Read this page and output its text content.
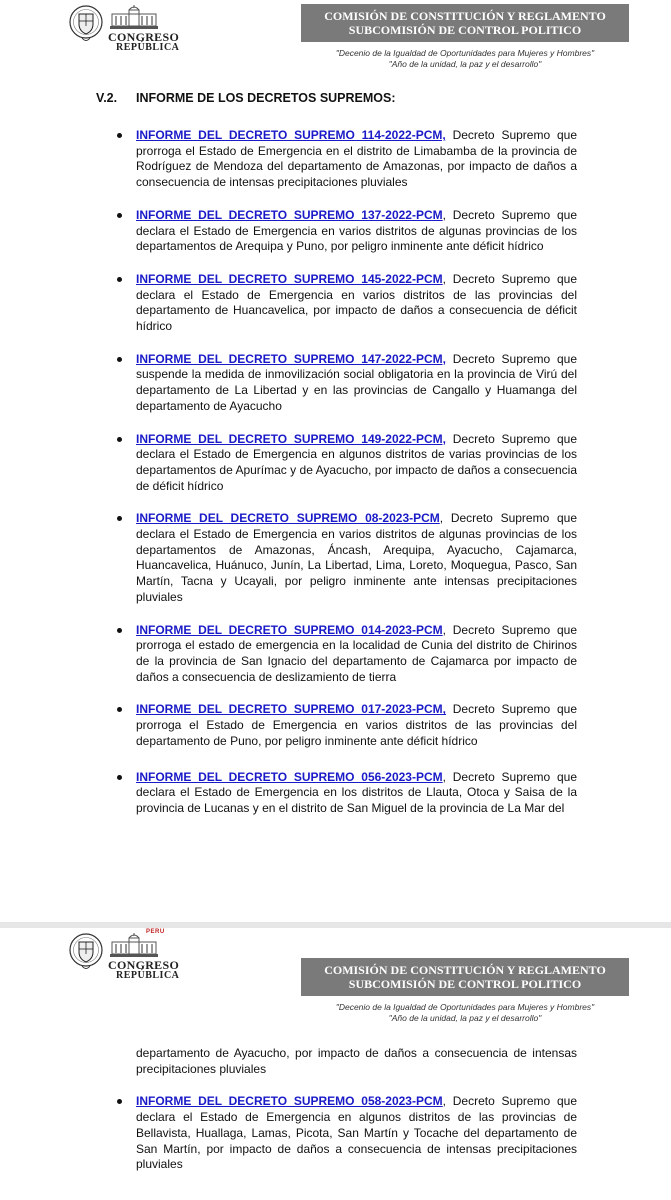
CONGRESO
REPÚBLICA
COMISIÓN DE CONSTITUCIÓN Y REGLAMENTO
SUBCOMISIÓN DE CONTROL POLITICO
"Decenio de la Igualdad de Oportunidades para Mujeres y Hombres"
"Año de la unidad, la paz y el desarrollo"
V.2. INFORME DE LOS DECRETOS SUPREMOS:
INFORME DEL DECRETO SUPREMO 114-2022-PCM, Decreto Supremo que prorroga el Estado de Emergencia en el distrito de Limabamba de la provincia de Rodríguez de Mendoza del departamento de Amazonas, por impacto de daños a consecuencia de intensas precipitaciones pluviales
INFORME DEL DECRETO SUPREMO 137-2022-PCM, Decreto Supremo que declara el Estado de Emergencia en varios distritos de algunas provincias de los departamentos de Arequipa y Puno, por peligro inminente ante déficit hídrico
INFORME DEL DECRETO SUPREMO 145-2022-PCM, Decreto Supremo que declara el Estado de Emergencia en varios distritos de las provincias del departamento de Huancavelica, por impacto de daños a consecuencia de déficit hídrico
INFORME DEL DECRETO SUPREMO 147-2022-PCM, Decreto Supremo que suspende la medida de inmovilización social obligatoria en la provincia de Virú del departamento de La Libertad y en las provincias de Cangallo y Huamanga del departamento de Ayacucho
INFORME DEL DECRETO SUPREMO 149-2022-PCM, Decreto Supremo que declara el Estado de Emergencia en algunos distritos de varias provincias de los departamentos de Apurímac y de Ayacucho, por impacto de daños a consecuencia de déficit hídrico
INFORME DEL DECRETO SUPREMO 08-2023-PCM, Decreto Supremo que declara el Estado de Emergencia en varios distritos de algunas provincias de los departamentos de Amazonas, Áncash, Arequipa, Ayacucho, Cajamarca, Huancavelica, Huánuco, Junín, La Libertad, Lima, Loreto, Moquegua, Pasco, San Martín, Tacna y Ucayali, por peligro inminente ante intensas precipitaciones pluviales
INFORME DEL DECRETO SUPREMO 014-2023-PCM, Decreto Supremo que prorroga el estado de emergencia en la localidad de Cunia del distrito de Chirinos de la provincia de San Ignacio del departamento de Cajamarca por impacto de daños a consecuencia de deslizamiento de tierra
INFORME DEL DECRETO SUPREMO 017-2023-PCM, Decreto Supremo que prorroga el Estado de Emergencia en varios distritos de las provincias del departamento de Puno, por peligro inminente ante déficit hídrico
INFORME DEL DECRETO SUPREMO 056-2023-PCM, Decreto Supremo que declara el Estado de Emergencia en los distritos de Llauta, Otoca y Saisa de la provincia de Lucanas y en el distrito de San Miguel de la provincia de La Mar del
PERÚ
CONGRESO
REPÚBLICA	COMISIÓN DE CONSTITUCIÓN Y REGLAMENTO
SUBCOMISIÓN DE CONTROL POLITICO
"Decenio de la Igualdad de Oportunidades para Mujeres y Hombres"
"Año de la unidad, la paz y el desarrollo"
departamento de Ayacucho, por impacto de daños a consecuencia de intensas precipitaciones pluviales
INFORME DEL DECRETO SUPREMO 058-2023-PCM, Decreto Supremo que declara el Estado de Emergencia en algunos distritos de las provincias de Bellavista, Huallaga, Lamas, Picota, San Martín y Tocache del departamento de San Martín, por impacto de daños a consecuencia de intensas precipitaciones pluviales
